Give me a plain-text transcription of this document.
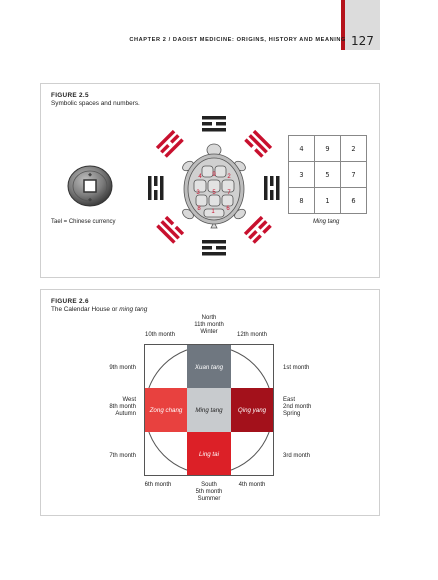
CHAPTER 2 / DAOIST MEDICINE: ORIGINS, HISTORY AND MEANING 127
FIGURE 2.5
Symbolic spaces and numbers.
◆
◆
Tael = Chinese currency
4 9 2
3 5 7
8 1 6
4	9	2
3	5	7
8	1	6
Ming tang
FIGURE 2.6
The Calendar House or ming tang
Xuan tang
Zong chang	Ming tang	Qing yang
Ling tai
North
11th month
Winter
South
5th month
Summer
West
8th month
Autumn
East
2nd month
Spring
10th month	12th month
9th month	1st month
7th month	3rd month
6th month	4th month
